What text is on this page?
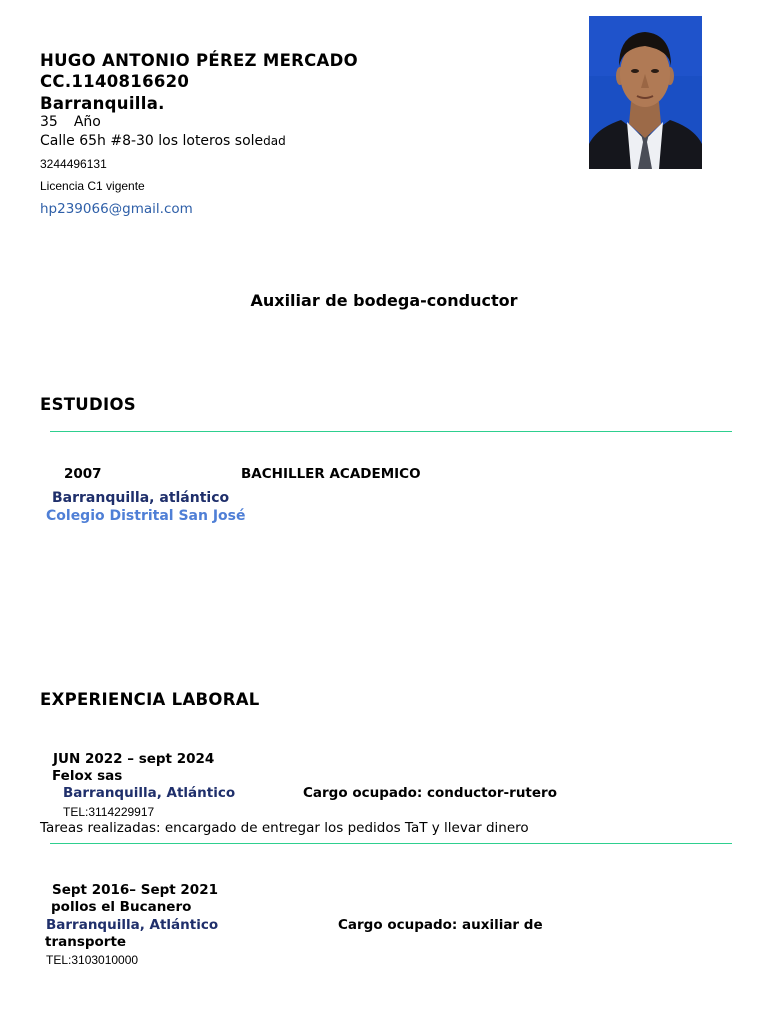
HUGO ANTONIO PÉREZ MERCADO
CC.1140816620
Barranquilla.
35 Año
Calle 65h #8-30 los loteros soledad
3244496131
Licencia C1 vigente
hp239066@gmail.com
Auxiliar de bodega-conductor
ESTUDIOS
2007	BACHILLER ACADEMICO
Barranquilla, atlántico
Colegio Distrital San José
EXPERIENCIA LABORAL
JUN 2022 – sept 2024
Felox sas
Barranquilla, Atlántico	Cargo ocupado: conductor-rutero
TEL:3114229917
Tareas realizadas: encargado de entregar los pedidos TaT y llevar dinero
Sept 2016– Sept 2021
pollos el Bucanero
Barranquilla, Atlántico	Cargo ocupado: auxiliar de
transporte
TEL:3103010000
